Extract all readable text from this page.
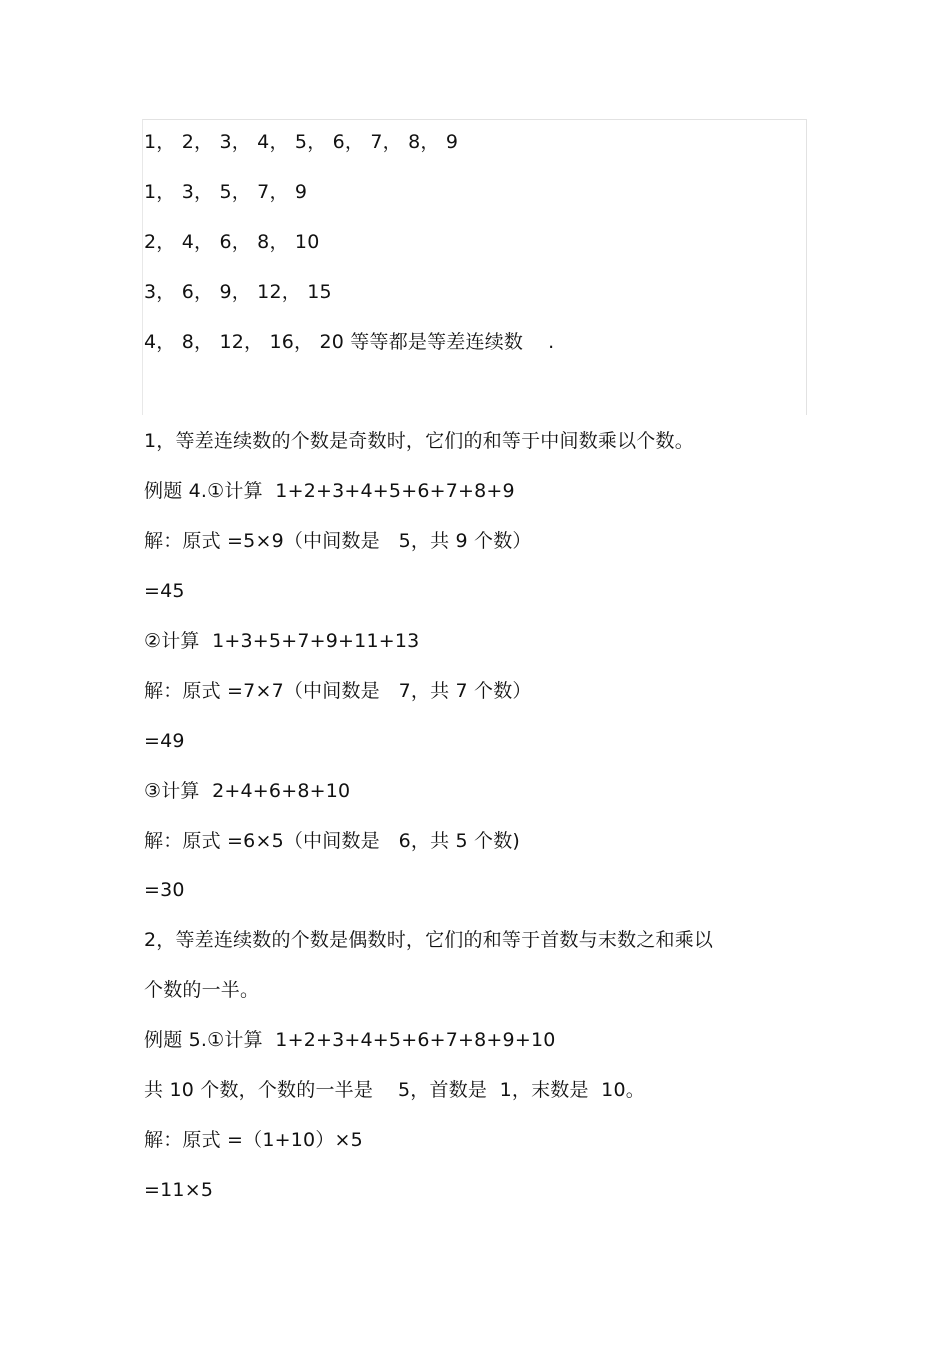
1， 2， 3， 4， 5， 6， 7， 8， 9
1， 3， 5， 7， 9
2， 4， 6， 8， 10
3， 6， 9， 12， 15
4， 8， 12， 16， 20 等等都是等差连续数    .
1，等差连续数的个数是奇数时，它们的和等于中间数乘以个数。
例题 4.①计算  1+2+3+4+5+6+7+8+9
解：原式 =5×9（中间数是   5，共 9 个数）
=45
②计算  1+3+5+7+9+11+13
解：原式 =7×7（中间数是   7，共 7 个数）
=49
③计算  2+4+6+8+10
解：原式 =6×5（中间数是   6，共 5 个数)
=30
2，等差连续数的个数是偶数时，它们的和等于首数与末数之和乘以
个数的一半。
例题 5.①计算  1+2+3+4+5+6+7+8+9+10
共 10 个数，个数的一半是    5，首数是  1，末数是  10。
解：原式 =（1+10）×5
=11×5
